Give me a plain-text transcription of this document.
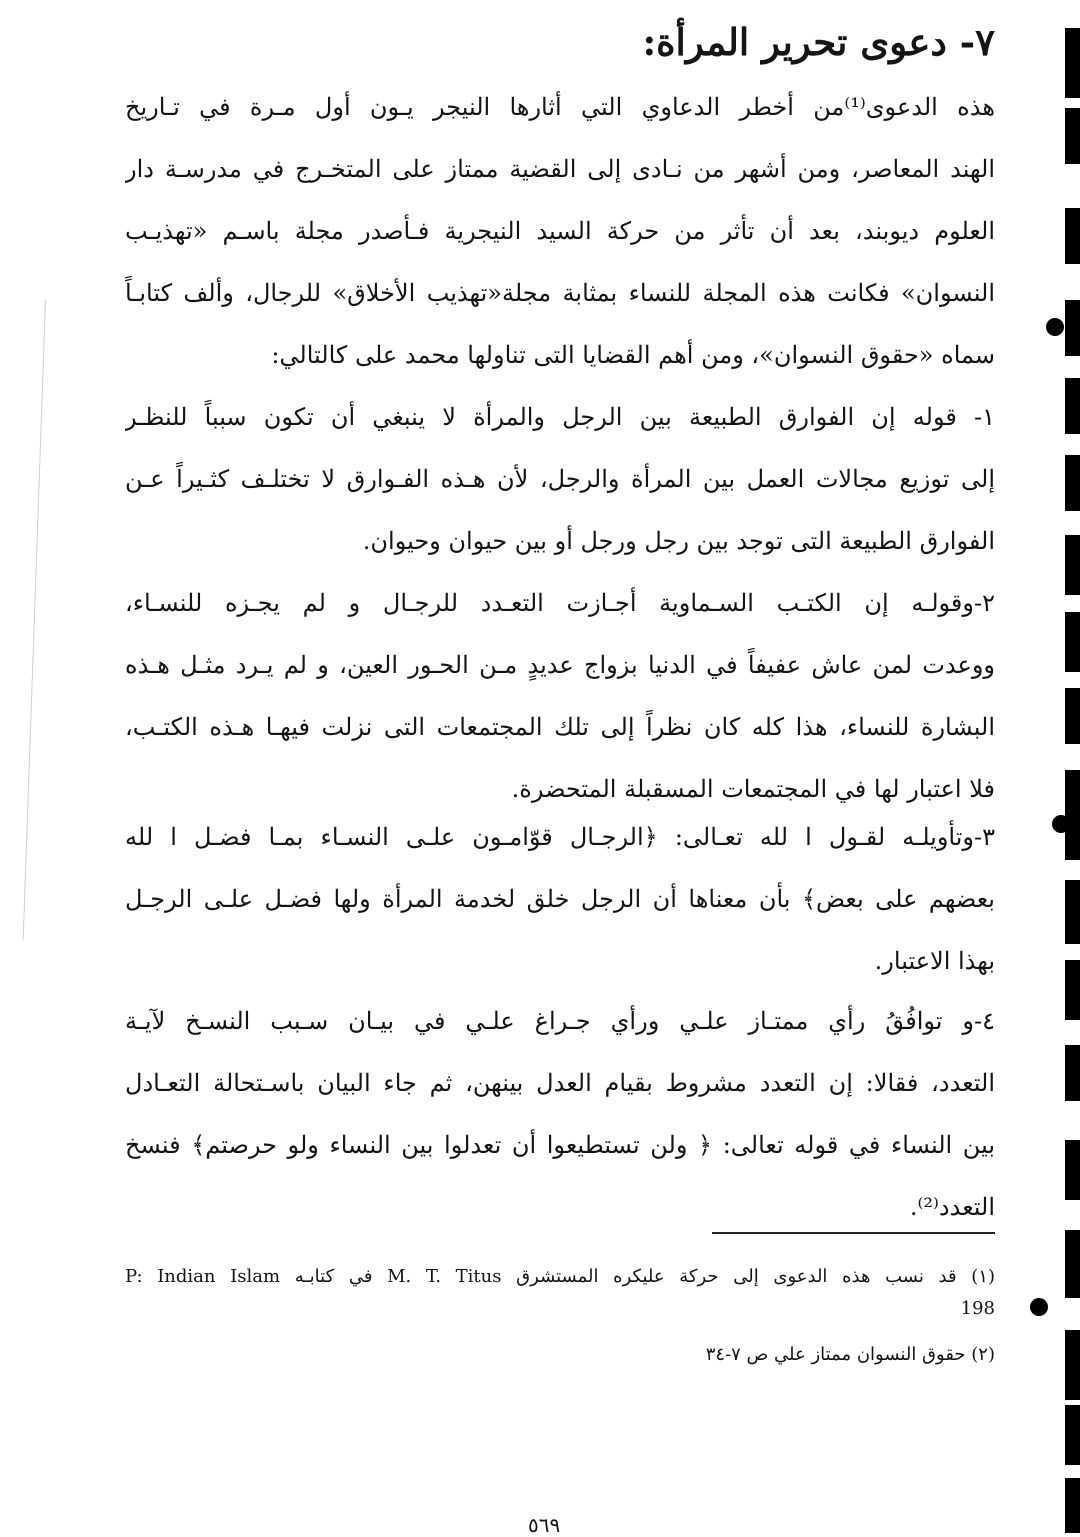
٧- دعوى تحرير المرأة:
هذه الدعوى⁽¹⁾من أخطر الدعاوي التي أثارها النيجر يـون أول مـرة في تـاريخ
الهند المعاصر، ومن أشهر من نـادى إلى القضية ممتاز على المتخـرج في مدرسـة دار
العلوم ديوبند، بعد أن تأثر من حركة السيد النيجرية فـأصدر مجلة باسـم «تهذيـب
النسوان» فكانت هذه المجلة للنساء بمثابة مجلة«تهذيب الأخلاق» للرجال، وألف كتابـاً
سماه «حقوق النسوان»، ومن أهم القضايا التى تناولها محمد على كالتالي:
١- قوله إن الفوارق الطبيعة بين الرجل والمرأة لا ينبغي أن تكون سبباً للنظـر
إلى توزيع مجالات العمل بين المرأة والرجل، لأن هـذه الفـوارق لا تختلـف كثـيراً عـن
الفوارق الطبيعة التى توجد بين رجل ورجل أو بين حيوان وحيوان.
٢-وقولـه إن الكتـب السـماوية أجـازت التعـدد للرجـال و لم يجـزه للنسـاء،
ووعدت لمن عاش عفيفاً في الدنيا بزواج عديدٍ مـن الحـور العين، و لم يـرد مثـل هـذه
البشارة للنساء، هذا كله كان نظراً إلى تلك المجتمعات التى نزلت فيهـا هـذه الكتـب،
فلا اعتبار لها في المجتمعات المسقبلة المتحضرة.
٣-وتأويلـه لقـول ا لله تعـالى: ﴿الرجـال قوّامـون علـى النسـاء بمـا فضـل ا لله
بعضهم على بعض﴾ بأن معناها أن الرجل خلق لخدمة المرأة ولها فضـل علـى الرجـل
بهذا الاعتبار.
٤-و توافُقُ رأي ممتـاز علـي ورأي جـراغ علـي في بيـان سـبب النسـخ لآيـة
التعدد، فقالا: إن التعدد مشروط بقيام العدل بينهن، ثم جاء البيان باسـتحالة التعـادل
بين النساء في قوله تعالى: ﴿ ولن تستطيعوا أن تعدلوا بين النساء ولو حرصتم﴾ فنسخ
التعدد⁽²⁾.
(١) قد نسب هذه الدعوى إلى حركة عليكره المستشرق M. T. Titus في كتابـه P: Indian Islam
198
(٢) حقوق النسوان ممتاز علي ص ٧-٣٤
٥٦٩
